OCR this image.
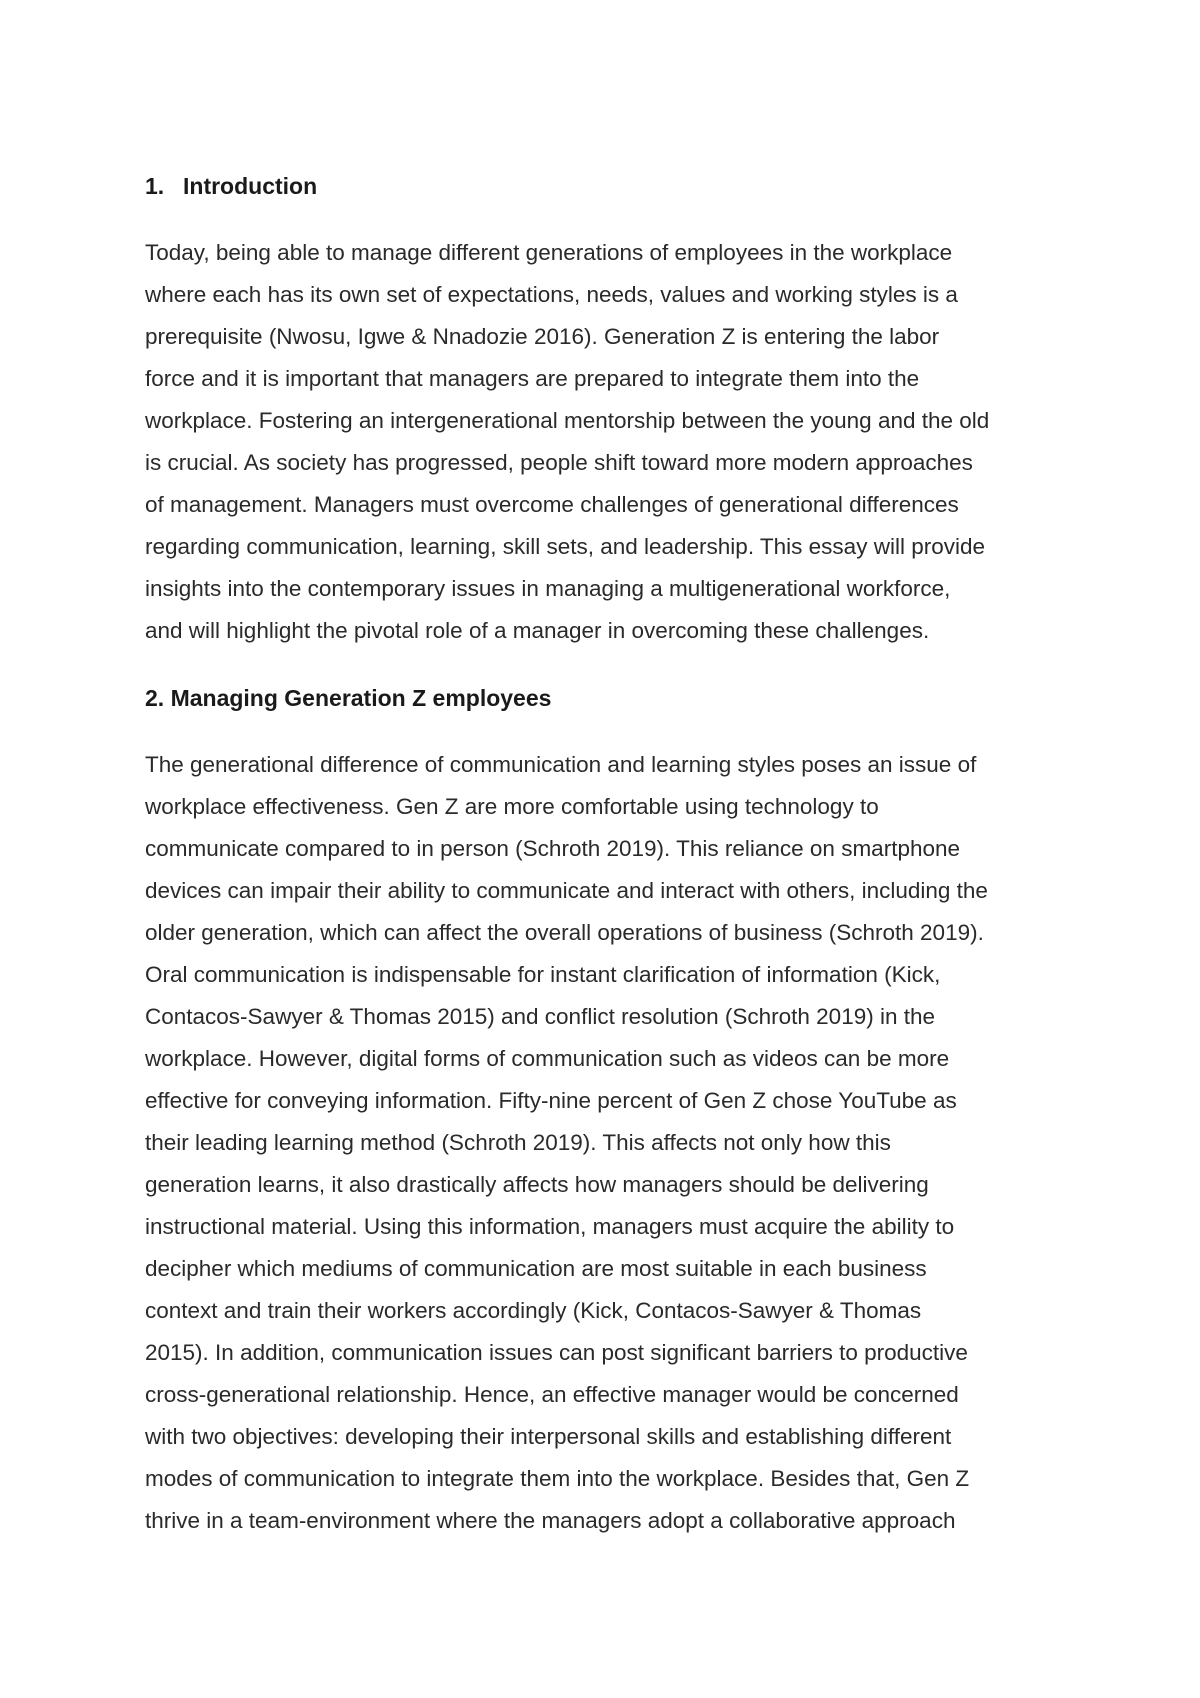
1. Introduction
Today, being able to manage different generations of employees in the workplace
where each has its own set of expectations, needs, values and working styles is a
prerequisite (Nwosu, Igwe & Nnadozie 2016). Generation Z is entering the labor
force and it is important that managers are prepared to integrate them into the
workplace. Fostering an intergenerational mentorship between the young and the old
is crucial. As society has progressed, people shift toward more modern approaches
of management. Managers must overcome challenges of generational differences
regarding communication, learning, skill sets, and leadership. This essay will provide
insights into the contemporary issues in managing a multigenerational workforce,
and will highlight the pivotal role of a manager in overcoming these challenges.
2. Managing Generation Z employees
The generational difference of communication and learning styles poses an issue of
workplace effectiveness. Gen Z are more comfortable using technology to
communicate compared to in person (Schroth 2019). This reliance on smartphone
devices can impair their ability to communicate and interact with others, including the
older generation, which can affect the overall operations of business (Schroth 2019).
Oral communication is indispensable for instant clarification of information (Kick,
Contacos-Sawyer & Thomas 2015) and conflict resolution (Schroth 2019) in the
workplace. However, digital forms of communication such as videos can be more
effective for conveying information. Fifty-nine percent of Gen Z chose YouTube as
their leading learning method (Schroth 2019). This affects not only how this
generation learns, it also drastically affects how managers should be delivering
instructional material. Using this information, managers must acquire the ability to
decipher which mediums of communication are most suitable in each business
context and train their workers accordingly (Kick, Contacos-Sawyer & Thomas
2015). In addition, communication issues can post significant barriers to productive
cross-generational relationship. Hence, an effective manager would be concerned
with two objectives: developing their interpersonal skills and establishing different
modes of communication to integrate them into the workplace. Besides that, Gen Z
thrive in a team-environment where the managers adopt a collaborative approach
